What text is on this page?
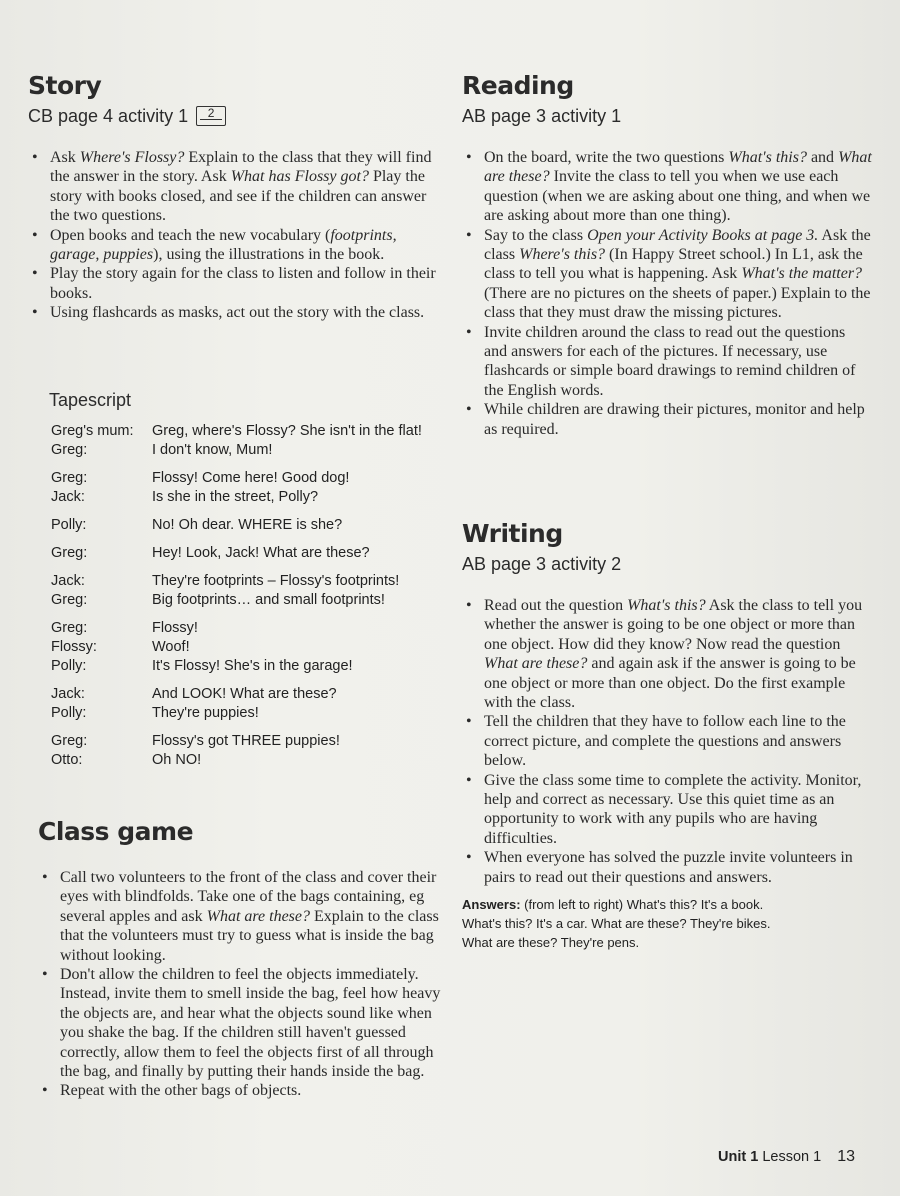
Story
CB page 4 activity 1	2
• Ask Where's Flossy? Explain to the class that they will find the answer in the story. Ask What has Flossy got? Play the story with books closed, and see if the children can answer the two questions.
• Open books and teach the new vocabulary (footprints, garage, puppies), using the illustrations in the book.
• Play the story again for the class to listen and follow in their books.
• Using flashcards as masks, act out the story with the class.
Tapescript
Greg's mum: Greg, where's Flossy? She isn't in the flat!
Greg:	I don't know, Mum!
Greg:	Flossy! Come here! Good dog!
Jack:	Is she in the street, Polly?
Polly:	No! Oh dear. WHERE is she?
Greg:	Hey! Look, Jack! What are these?
Jack:	They're footprints – Flossy's footprints!
Greg:	Big footprints… and small footprints!
Greg:	Flossy!
Flossy:	Woof!
Polly:	It's Flossy! She's in the garage!
Jack:	And LOOK! What are these?
Polly:	They're puppies!
Greg:	Flossy's got THREE puppies!
Otto:	Oh NO!
Class game
• Call two volunteers to the front of the class and cover their eyes with blindfolds. Take one of the bags containing, eg several apples and ask What are these? Explain to the class that the volunteers must try to guess what is inside the bag without looking.
• Don't allow the children to feel the objects immediately. Instead, invite them to smell inside the bag, feel how heavy the objects are, and hear what the objects sound like when you shake the bag. If the children still haven't guessed correctly, allow them to feel the objects first of all through the bag, and finally by putting their hands inside the bag.
• Repeat with the other bags of objects.
Reading
AB page 3 activity 1
• On the board, write the two questions What's this? and What are these? Invite the class to tell you when we use each question (when we are asking about one thing, and when we are asking about more than one thing).
• Say to the class Open your Activity Books at page 3. Ask the class Where's this? (In Happy Street school.) In L1, ask the class to tell you what is happening. Ask What's the matter? (There are no pictures on the sheets of paper.) Explain to the class that they must draw the missing pictures.
• Invite children around the class to read out the questions and answers for each of the pictures. If necessary, use flashcards or simple board drawings to remind children of the English words.
• While children are drawing their pictures, monitor and help as required.
Writing
AB page 3 activity 2
• Read out the question What's this? Ask the class to tell you whether the answer is going to be one object or more than one object. How did they know? Now read the question What are these? and again ask if the answer is going to be one object or more than one object. Do the first example with the class.
• Tell the children that they have to follow each line to the correct picture, and complete the questions and answers below.
• Give the class some time to complete the activity. Monitor, help and correct as necessary. Use this quiet time as an opportunity to work with any pupils who are having difficulties.
• When everyone has solved the puzzle invite volunteers in pairs to read out their questions and answers.

Answers: (from left to right) What's this? It's a book.

What's this? It's a car. What are these? They're bikes.

What are these? They're pens.

Unit 1 Lesson 1 13
